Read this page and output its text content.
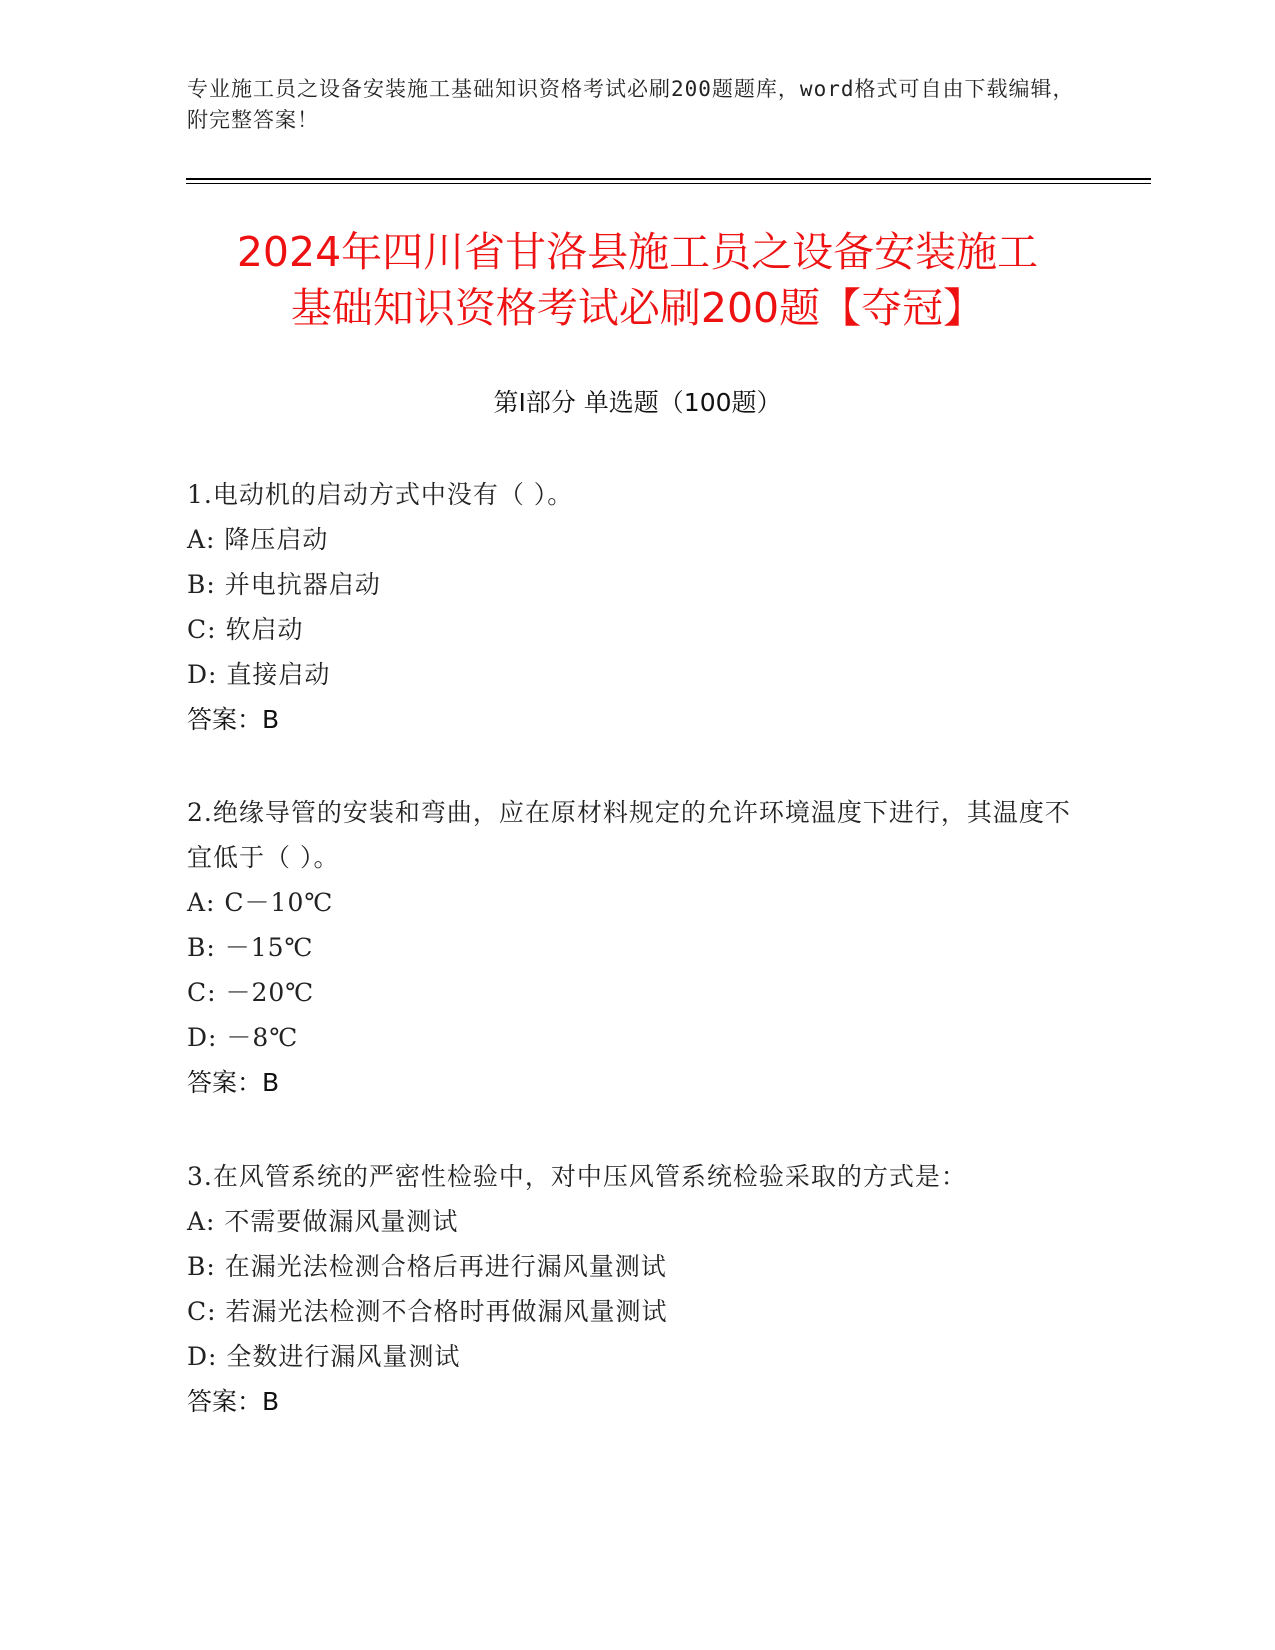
专业施工员之设备安装施工基础知识资格考试必刷200题题库，word格式可自由下载编辑，附完整答案！
2024年四川省甘洛县施工员之设备安装施工
基础知识资格考试必刷200题【夺冠】
第Ⅰ部分 单选题（100题）
1.电动机的启动方式中没有（ ）。
A: 降压启动
B: 并电抗器启动
C: 软启动
D: 直接启动
答案：B
2.绝缘导管的安装和弯曲，应在原材料规定的允许环境温度下进行，其温度不宜低于（ ）。
A: C－10℃
B: －15℃
C: －20℃
D: －8℃
答案：B
3.在风管系统的严密性检验中，对中压风管系统检验采取的方式是：
A: 不需要做漏风量测试
B: 在漏光法检测合格后再进行漏风量测试
C: 若漏光法检测不合格时再做漏风量测试
D: 全数进行漏风量测试
答案：B
